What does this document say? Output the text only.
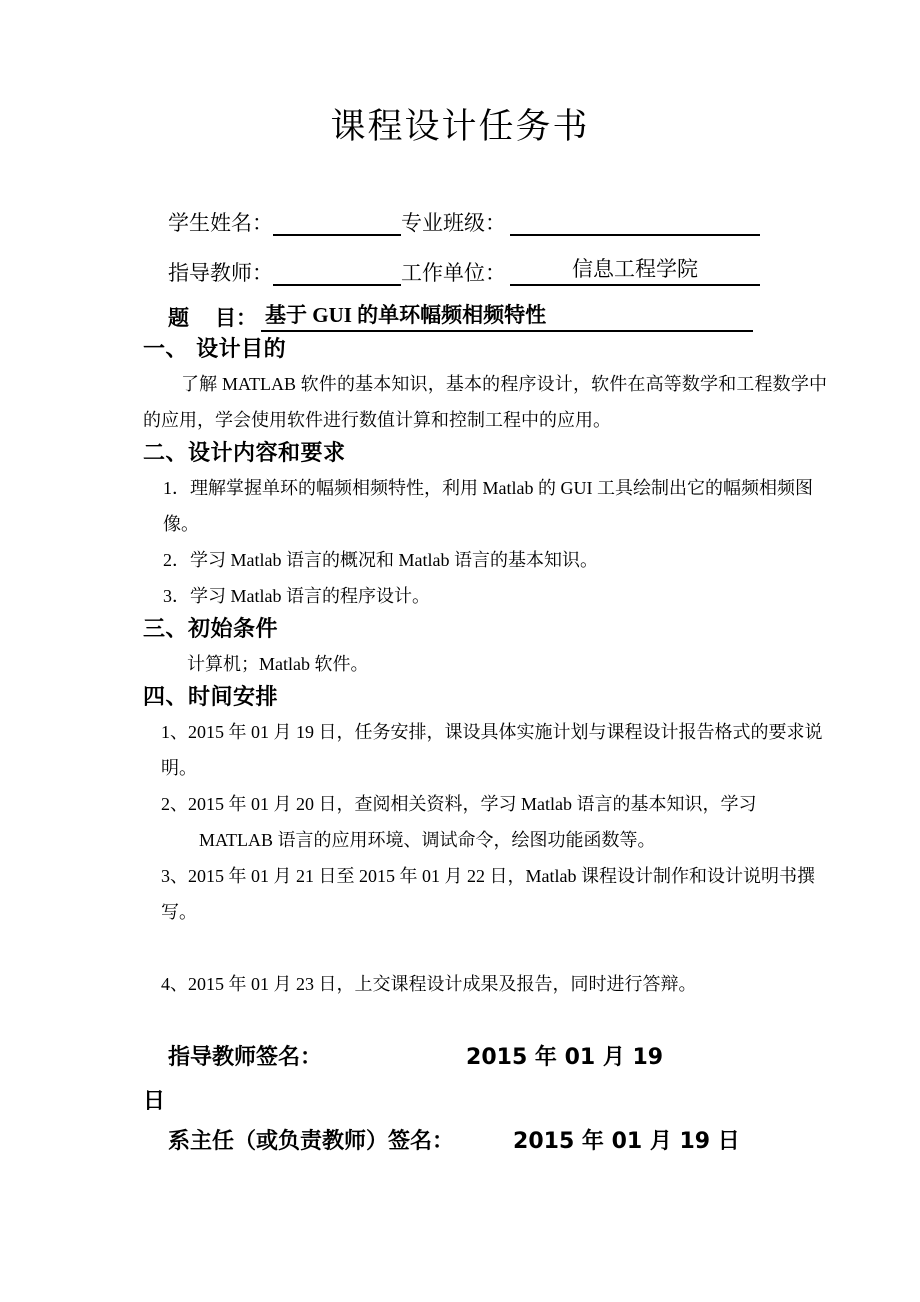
课程设计任务书
学生姓名：	专业班级：
指导教师：	工作单位：	信息工程学院
题 目： 基于 GUI 的单环幅频相频特性
一、 设计目的

了解 MATLAB 软件的基本知识，基本的程序设计，软件在高等数学和工程数学中的应用，学会使用软件进行数值计算和控制工程中的应用。

二、设计内容和要求

1．理解掌握单环的幅频相频特性，利用 Matlab 的 GUI 工具绘制出它的幅频相频图像。

2．学习 Matlab 语言的概况和 Matlab 语言的基本知识。

3．学习 Matlab 语言的程序设计。

三、初始条件

计算机；Matlab 软件。

四、时间安排

1、2015 年 01 月 19 日，任务安排，课设具体实施计划与课程设计报告格式的要求说明。

2、2015 年 01 月 20 日，查阅相关资料，学习 Matlab 语言的基本知识，学习

MATLAB 语言的应用环境、调试命令，绘图功能函数等。

3、2015 年 01 月 21 日至 2015 年 01 月 22 日，Matlab 课程设计制作和设计说明书撰写。

4、2015 年 01 月 23 日，上交课程设计成果及报告，同时进行答辩。

指导教师签名：	2015 年 01 月 19
日
系主任（或负责教师）签名：	2015 年 01 月 19 日
